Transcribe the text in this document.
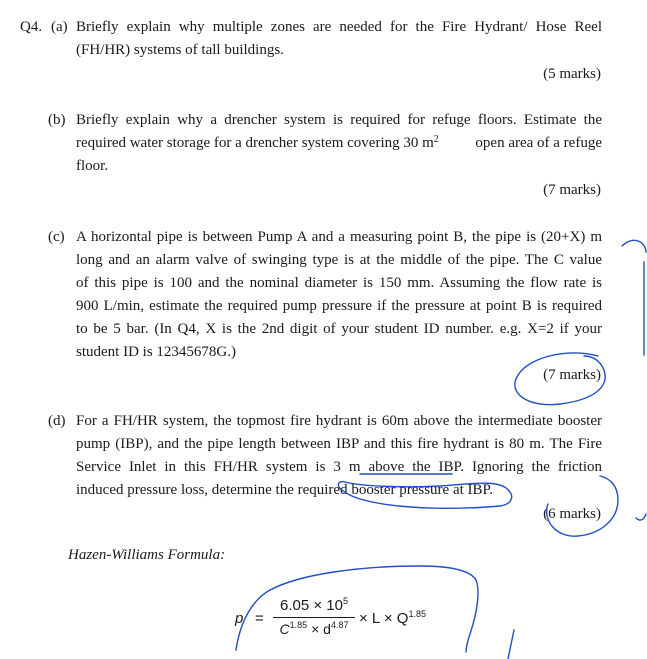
Q4. (a) Briefly explain why multiple zones are needed for the Fire Hydrant/ Hose Reel
(FH/HR) systems of tall buildings.
(5 marks)
(b) Briefly explain why a drencher system is required for refuge floors. Estimate the
required water storage for a drencher system covering 30 $m^2$ open area of a refuge
floor.
(7 marks)
(c) A horizontal pipe is between Pump A and a measuring point B, the pipe is (20+X) m
long and an alarm valve of swinging type is at the middle of the pipe. The C value
of this pipe is 100 and the nominal diameter is 150 mm. Assuming the flow rate is
900 L/min, estimate the required pump pressure if the pressure at point B is required
to be 5 bar. (In Q4, X is the 2nd digit of your student ID number. e.g. X=2 if your
student ID is 12345678G.)
(7 marks)
(d) For a FH/HR system, the topmost fire hydrant is 60m above the intermediate booster
pump (IBP), and the pipe length between IBP and this fire hydrant is 80 m. The Fire
Service Inlet in this FH/HR system is 3 m above the IBP. Ignoring the friction
induced pressure loss, determine the required booster pressure at IBP.
(6 marks)
Hazen-Williams Formula:
p =
$6.05 \times 10^5$
$C^{1.85} \times d^{4.87} \times L \times Q^{1.85}$
